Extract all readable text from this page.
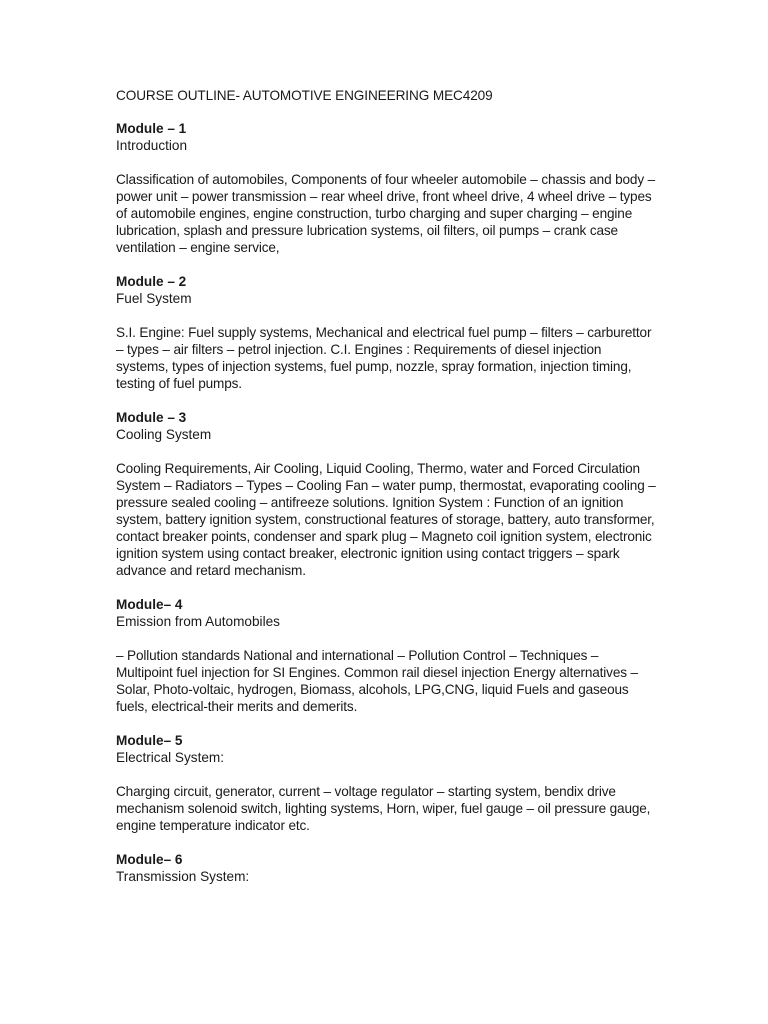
COURSE OUTLINE- AUTOMOTIVE ENGINEERING MEC4209

Module – 1

Introduction

Classification of automobiles, Components of four wheeler automobile – chassis and body – power unit – power transmission – rear wheel drive, front wheel drive, 4 wheel drive – types of automobile engines, engine construction, turbo charging and super charging – engine lubrication, splash and pressure lubrication systems, oil filters, oil pumps – crank case ventilation – engine service,

Module – 2

Fuel System

S.I. Engine: Fuel supply systems, Mechanical and electrical fuel pump – filters – carburettor – types – air filters – petrol injection. C.I. Engines : Requirements of diesel injection systems, types of injection systems, fuel pump, nozzle, spray formation, injection timing, testing of fuel pumps.

Module – 3

Cooling System

Cooling Requirements, Air Cooling, Liquid Cooling, Thermo, water and Forced Circulation System – Radiators – Types – Cooling Fan – water pump, thermostat, evaporating cooling – pressure sealed cooling – antifreeze solutions. Ignition System : Function of an ignition system, battery ignition system, constructional features of storage, battery, auto transformer, contact breaker points, condenser and spark plug – Magneto coil ignition system, electronic ignition system using contact breaker, electronic ignition using contact triggers – spark advance and retard mechanism.

Module– 4

Emission from Automobiles

– Pollution standards National and international – Pollution Control – Techniques – Multipoint fuel injection for SI Engines. Common rail diesel injection Energy alternatives – Solar, Photo-voltaic, hydrogen, Biomass, alcohols, LPG,CNG, liquid Fuels and gaseous fuels, electrical-their merits and demerits.

Module– 5

Electrical System:

Charging circuit, generator, current – voltage regulator – starting system, bendix drive mechanism solenoid switch, lighting systems, Horn, wiper, fuel gauge – oil pressure gauge, engine temperature indicator etc.

Module– 6

Transmission System:
